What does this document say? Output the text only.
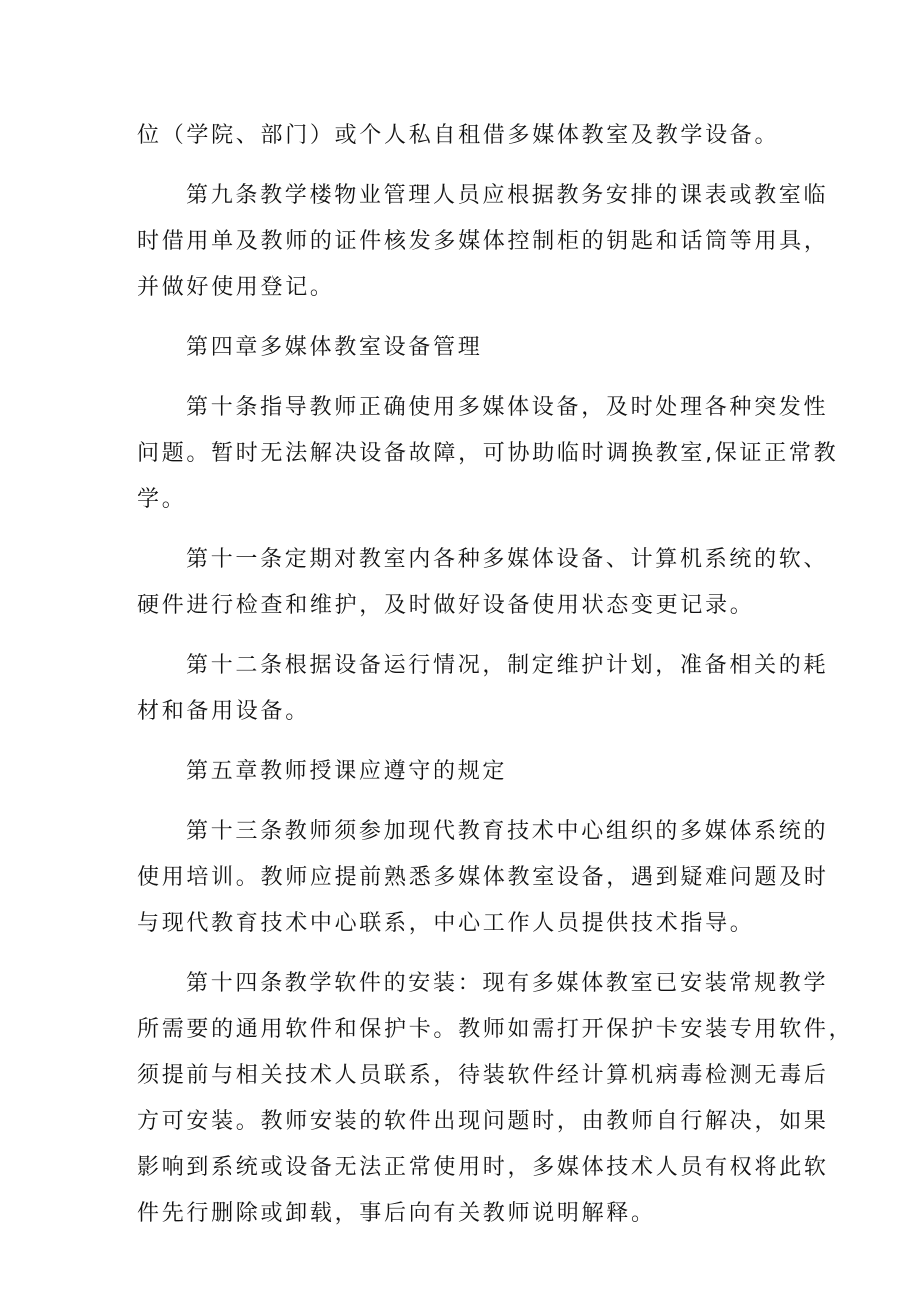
位（学院、部门）或个人私自租借多媒体教室及教学设备。
第九条教学楼物业管理人员应根据教务安排的课表或教室临
时借用单及教师的证件核发多媒体控制柜的钥匙和话筒等用具，
并做好使用登记。
第四章多媒体教室设备管理
第十条指导教师正确使用多媒体设备，及时处理各种突发性
问题。暂时无法解决设备故障，可协助临时调换教室,保证正常教
学。
第十一条定期对教室内各种多媒体设备、计算机系统的软、
硬件进行检查和维护，及时做好设备使用状态变更记录。
第十二条根据设备运行情况，制定维护计划，准备相关的耗
材和备用设备。
第五章教师授课应遵守的规定
第十三条教师须参加现代教育技术中心组织的多媒体系统的
使用培训。教师应提前熟悉多媒体教室设备，遇到疑难问题及时
与现代教育技术中心联系，中心工作人员提供技术指导。
第十四条教学软件的安装：现有多媒体教室已安装常规教学
所需要的通用软件和保护卡。教师如需打开保护卡安装专用软件，
须提前与相关技术人员联系，待装软件经计算机病毒检测无毒后
方可安装。教师安装的软件出现问题时，由教师自行解决，如果
影响到系统或设备无法正常使用时，多媒体技术人员有权将此软
件先行删除或卸载，事后向有关教师说明解释。
